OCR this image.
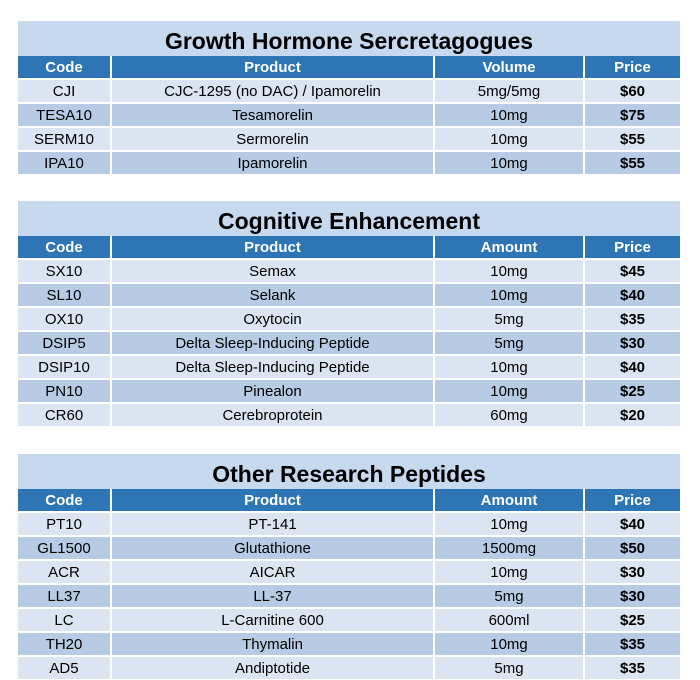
Growth Hormone Sercretagogues
Code	Product	Volume	Price
CJI	CJC-1295 (no DAC) / Ipamorelin	5mg/5mg	$60
TESA10	Tesamorelin	10mg	$75
SERM10	Sermorelin	10mg	$55
IPA10	Ipamorelin	10mg	$55
Cognitive Enhancement
Code	Product	Amount	Price
SX10	Semax	10mg	$45
SL10	Selank	10mg	$40
OX10	Oxytocin	5mg	$35
DSIP5	Delta Sleep-Inducing Peptide	5mg	$30
DSIP10	Delta Sleep-Inducing Peptide	10mg	$40
PN10	Pinealon	10mg	$25
CR60	Cerebroprotein	60mg	$20
Other Research Peptides
Code	Product	Amount	Price
PT10	PT-141	10mg	$40
GL1500	Glutathione	1500mg	$50
ACR	AICAR	10mg	$30
LL37	LL-37	5mg	$30
LC	L-Carnitine 600	600ml	$25
TH20	Thymalin	10mg	$35
AD5	Andiptotide	5mg	$35
